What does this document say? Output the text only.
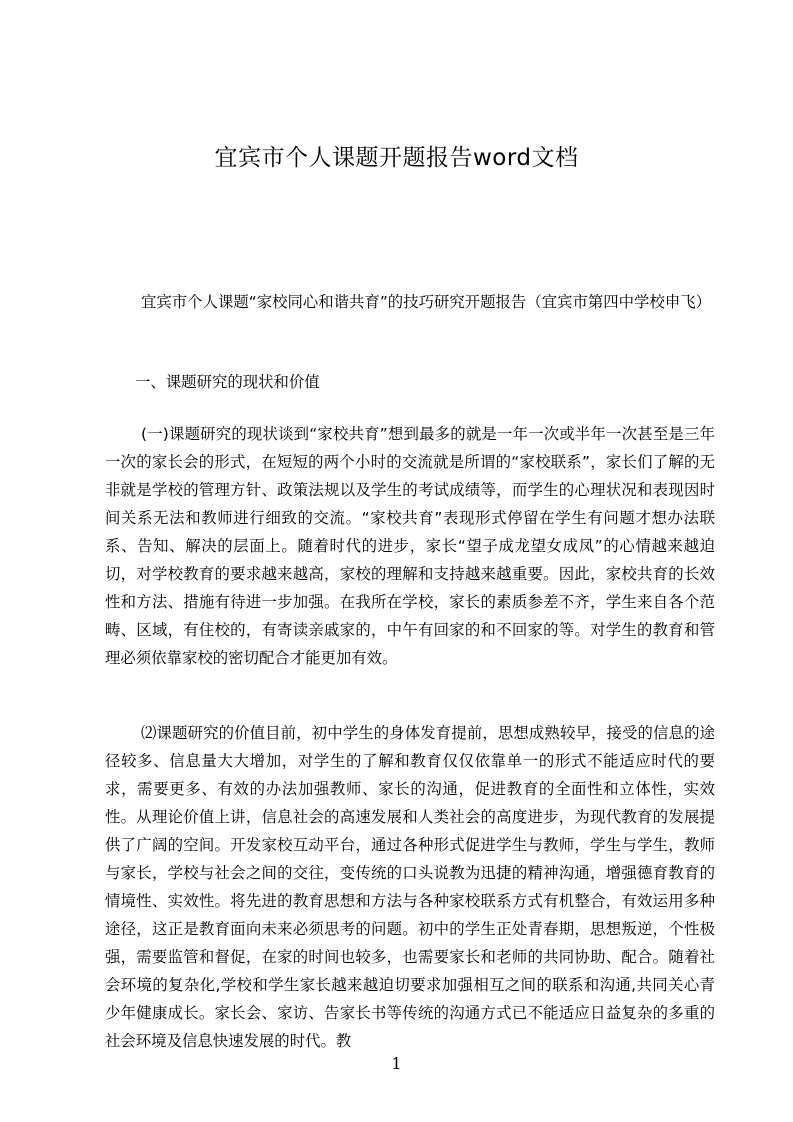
宜宾市个人课题开题报告word文档

宜宾市个人课题“家校同心和谐共育”的技巧研究开题报告（宜宾市第四中学校申飞）

一、课题研究的现状和价值

(一)课题研究的现状谈到“家校共育”想到最多的就是一年一次或半年一次甚至是三年一次的家长会的形式，在短短的两个小时的交流就是所谓的“家校联系”，家长们了解的无非就是学校的管理方针、政策法规以及学生的考试成绩等，而学生的心理状况和表现因时间关系无法和教师进行细致的交流。“家校共育”表现形式停留在学生有问题才想办法联系、告知、解决的层面上。随着时代的进步，家长“望子成龙望女成凤”的心情越来越迫切，对学校教育的要求越来越高，家校的理解和支持越来越重要。因此，家校共育的长效性和方法、措施有待进一步加强。在我所在学校，家长的素质参差不齐，学生来自各个范畴、区域，有住校的，有寄读亲戚家的，中午有回家的和不回家的等。对学生的教育和管理必须依靠家校的密切配合才能更加有效。

⑵课题研究的价值目前，初中学生的身体发育提前，思想成熟较早，接受的信息的途径较多、信息量大大增加，对学生的了解和教育仅仅依靠单一的形式不能适应时代的要求，需要更多、有效的办法加强教师、家长的沟通，促进教育的全面性和立体性，实效性。从理论价值上讲，信息社会的高速发展和人类社会的高度进步，为现代教育的发展提供了广阔的空间。开发家校互动平台，通过各种形式促进学生与教师，学生与学生，教师与家长，学校与社会之间的交往，变传统的口头说教为迅捷的精神沟通，增强德育教育的情境性、实效性。将先进的教育思想和方法与各种家校联系方式有机整合，有效运用多种途径，这正是教育面向未来必须思考的问题。初中的学生正处青春期，思想叛逆，个性极强，需要监管和督促，在家的时间也较多，也需要家长和老师的共同协助、配合。随着社会环境的复杂化,学校和学生家长越来越迫切要求加强相互之间的联系和沟通,共同关心青少年健康成长。家长会、家访、告家长书等传统的沟通方式已不能适应日益复杂的多重的社会环境及信息快速发展的时代。教

1
